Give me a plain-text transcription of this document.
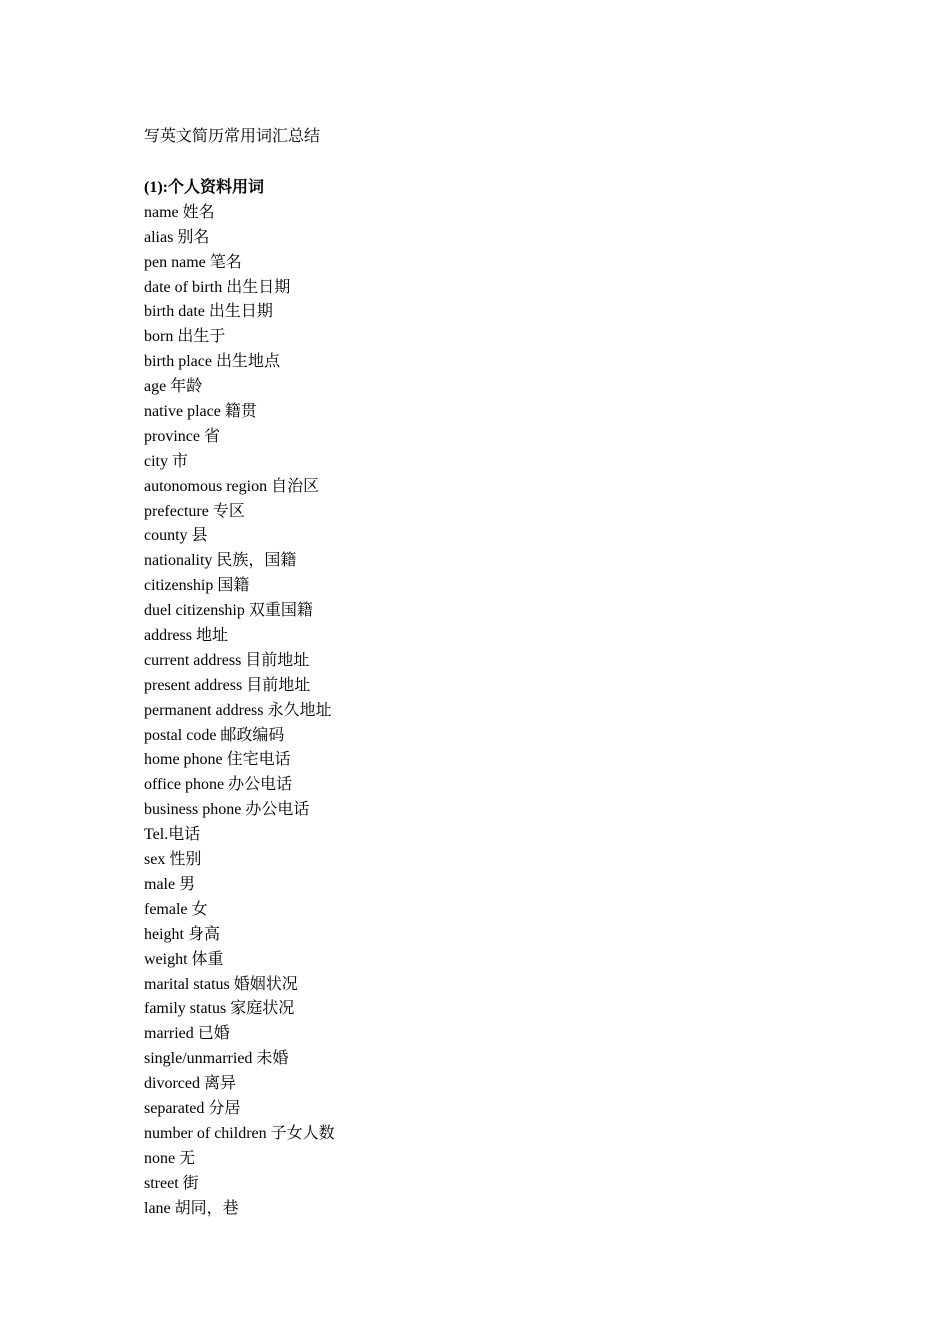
写英文简历常用词汇总结
(1):个人资料用词
name 姓名
alias 别名
pen name 笔名
date of birth 出生日期
birth date 出生日期
born 出生于
birth place 出生地点
age 年龄
native place 籍贯
province 省
city 市
autonomous region 自治区
prefecture 专区
county 县
nationality 民族，国籍
citizenship 国籍
duel citizenship 双重国籍
address 地址
current address 目前地址
present address 目前地址
permanent address 永久地址
postal code 邮政编码
home phone 住宅电话
office phone 办公电话
business phone 办公电话
Tel.电话
sex 性别
male 男
female 女
height 身高
weight 体重
marital status 婚姻状况
family status 家庭状况
married 已婚
single/unmarried 未婚
divorced 离异
separated 分居
number of children 子女人数
none 无
street 街
lane 胡同，巷
